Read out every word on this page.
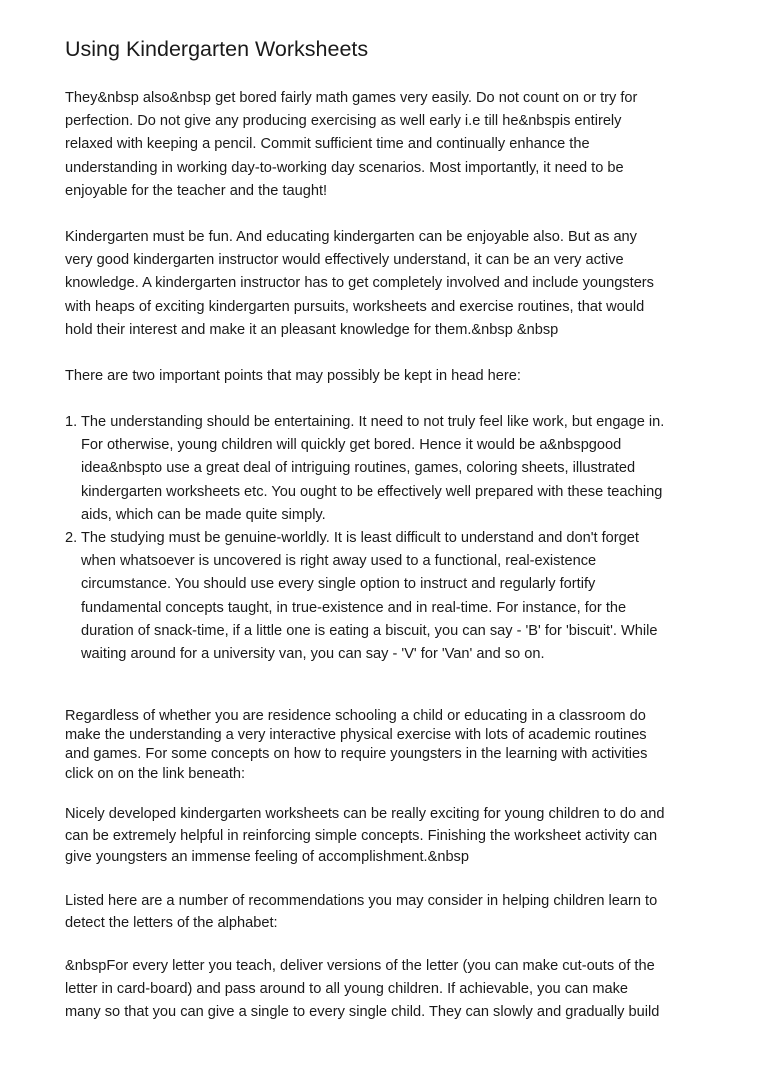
Using Kindergarten Worksheets

They&nbsp also&nbsp get bored fairly math games very easily. Do not count on or try for
perfection. Do not give any producing exercising as well early i.e till he&nbspis entirely
relaxed with keeping a pencil. Commit sufficient time and continually enhance the
understanding in working day-to-working day scenarios. Most importantly, it need to be
enjoyable for the teacher and the taught!

Kindergarten must be fun. And educating kindergarten can be enjoyable also. But as any
very good kindergarten instructor would effectively understand, it can be an very active
knowledge. A kindergarten instructor has to get completely involved and include youngsters
with heaps of exciting kindergarten pursuits, worksheets and exercise routines, that would
hold their interest and make it an pleasant knowledge for them.&nbsp &nbsp

There are two important points that may possibly be kept in head here:

1. The understanding should be entertaining. It need to not truly feel like work, but engage in.
For otherwise, young children will quickly get bored. Hence it would be a&nbspgood
idea&nbspto use a great deal of intriguing routines, games, coloring sheets, illustrated
kindergarten worksheets etc. You ought to be effectively well prepared with these teaching
aids, which can be made quite simply.
2. The studying must be genuine-worldly. It is least difficult to understand and don't forget
when whatsoever is uncovered is right away used to a functional, real-existence
circumstance. You should use every single option to instruct and regularly fortify
fundamental concepts taught, in true-existence and in real-time. For instance, for the
duration of snack-time, if a little one is eating a biscuit, you can say - 'B' for 'biscuit'. While
waiting around for a university van, you can say - 'V' for 'Van' and so on.

Regardless of whether you are residence schooling a child or educating in a classroom do
make the understanding a very interactive physical exercise with lots of academic routines
and games. For some concepts on how to require youngsters in the learning with activities
click on on the link beneath:

Nicely developed kindergarten worksheets can be really exciting for young children to do and
can be extremely helpful in reinforcing simple concepts. Finishing the worksheet activity can
give youngsters an immense feeling of accomplishment.&nbsp

Listed here are a number of recommendations you may consider in helping children learn to
detect the letters of the alphabet:

&nbspFor every letter you teach, deliver versions of the letter (you can make cut-outs of the
letter in card-board) and pass around to all young children. If achievable, you can make
many so that you can give a single to every single child. They can slowly and gradually build
